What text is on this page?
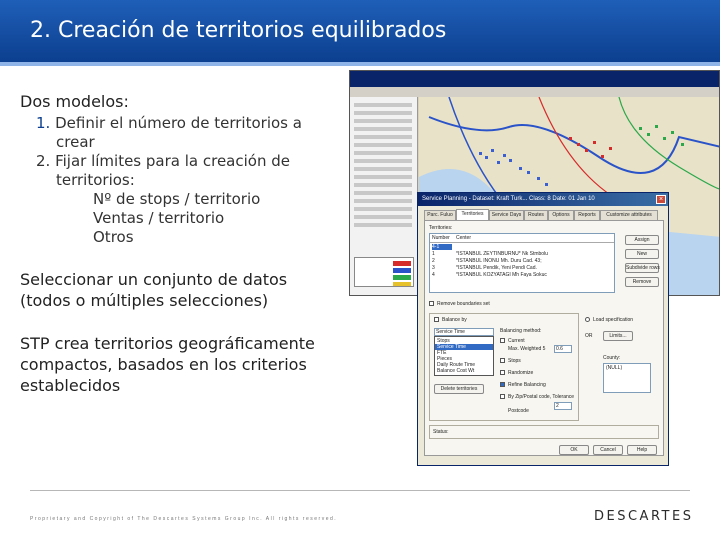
2. Creación de territorios equilibrados
Dos modelos:
1. Definir el número de territorios a
crear
2. Fijar límites para la creación de
territorios:
Nº de stops / territorio
Ventas / territorio
Otros
Seleccionar un conjunto de datos
(todos o múltiples selecciones)
STP crea territorios geográficamente
compactos, basados en los criterios
establecidos
Service Planning - Dataset: Kraft Turk... Class: 8 Date: 01 Jan 10	×
Parc. Fuluo	Territories	Service Days	Routes	Options	Reports	Customize attributes
Territories:
Number Center
4-1
1	*ISTANBUL ZEYTINBURNU* Nk Stmbolu
2	*ISTANBUL INONU Mh. Duru Cad. 43;
3	*ISTANBUL Pendik, Yeni Pendi Cad.
4	*ISTANBUL KOZYATAGI Mh Faya Sokuc
Assign
New
Subdivide rows
Remove
Remove boundaries set
Balance by
Service Time
Stops
Service Time
FTE
Pieces
Daily Route Time
Balance Cost Wt
Balancing method:
Current
Max. Weighted 5	0.6
Stops
Randomize
Refine Balancing
By Zip/Postal code, Tolerance
2
Postcode
Delete territories
Load specification
OR	Limits...
County:
(NULL)
Status:
OK	Cancel	Help
Proprietary and Copyright of The Descartes Systems Group Inc. All rights reserved.	DESCARTES
